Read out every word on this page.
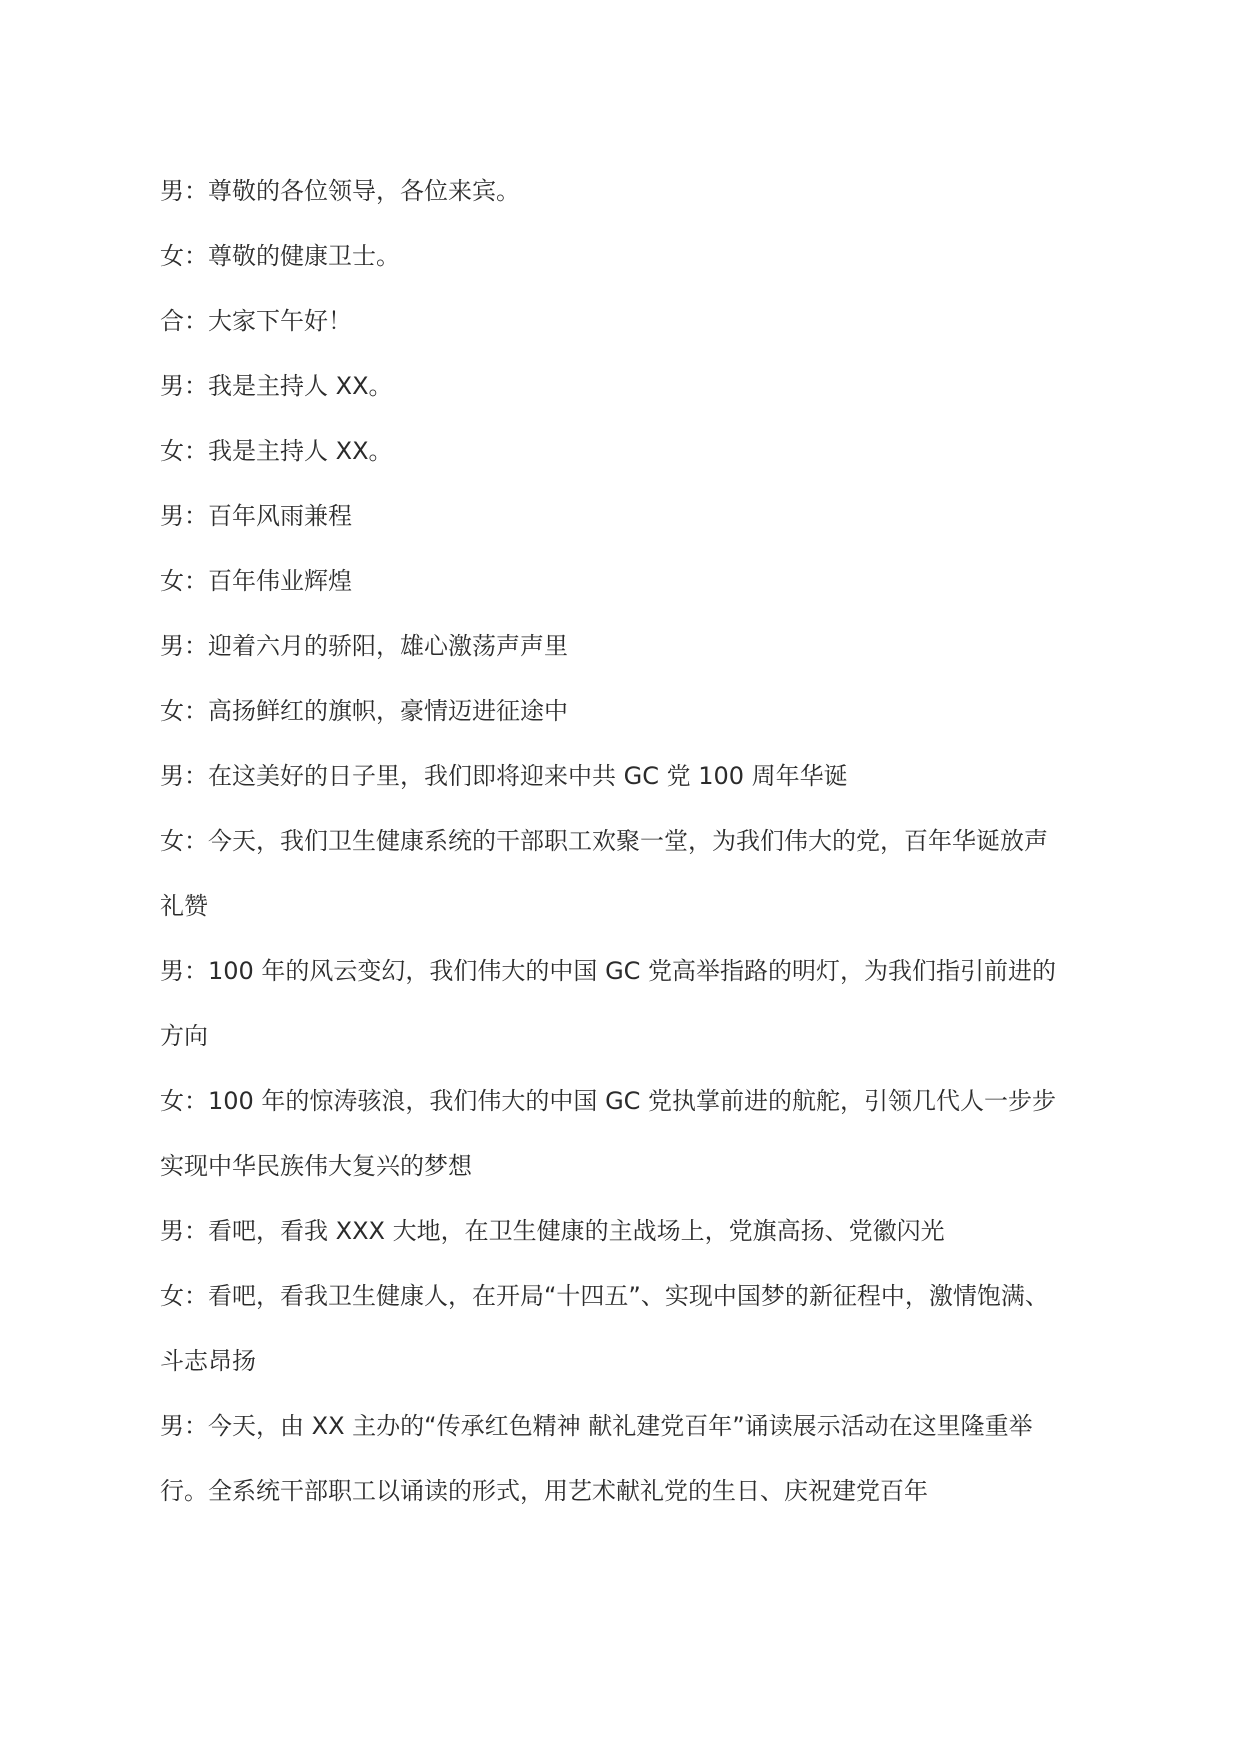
男：尊敬的各位领导，各位来宾。

女：尊敬的健康卫士。

合：大家下午好！

男：我是主持人 XX。

女：我是主持人 XX。

男：百年风雨兼程

女：百年伟业辉煌

男：迎着六月的骄阳，雄心激荡声声里

女：高扬鲜红的旗帜，豪情迈进征途中

男：在这美好的日子里，我们即将迎来中共 GC 党 100 周年华诞

女：今天，我们卫生健康系统的干部职工欢聚一堂，为我们伟大的党，百年华诞放声

礼赞

男：100 年的风云变幻，我们伟大的中国 GC 党高举指路的明灯，为我们指引前进的

方向

女：100 年的惊涛骇浪，我们伟大的中国 GC 党执掌前进的航舵，引领几代人一步步

实现中华民族伟大复兴的梦想

男：看吧，看我 XXX 大地，在卫生健康的主战场上，党旗高扬、党徽闪光

女：看吧，看我卫生健康人，在开局“十四五”、实现中国梦的新征程中，激情饱满、

斗志昂扬

男：今天，由 XX 主办的“传承红色精神 献礼建党百年”诵读展示活动在这里隆重举

行。全系统干部职工以诵读的形式，用艺术献礼党的生日、庆祝建党百年
